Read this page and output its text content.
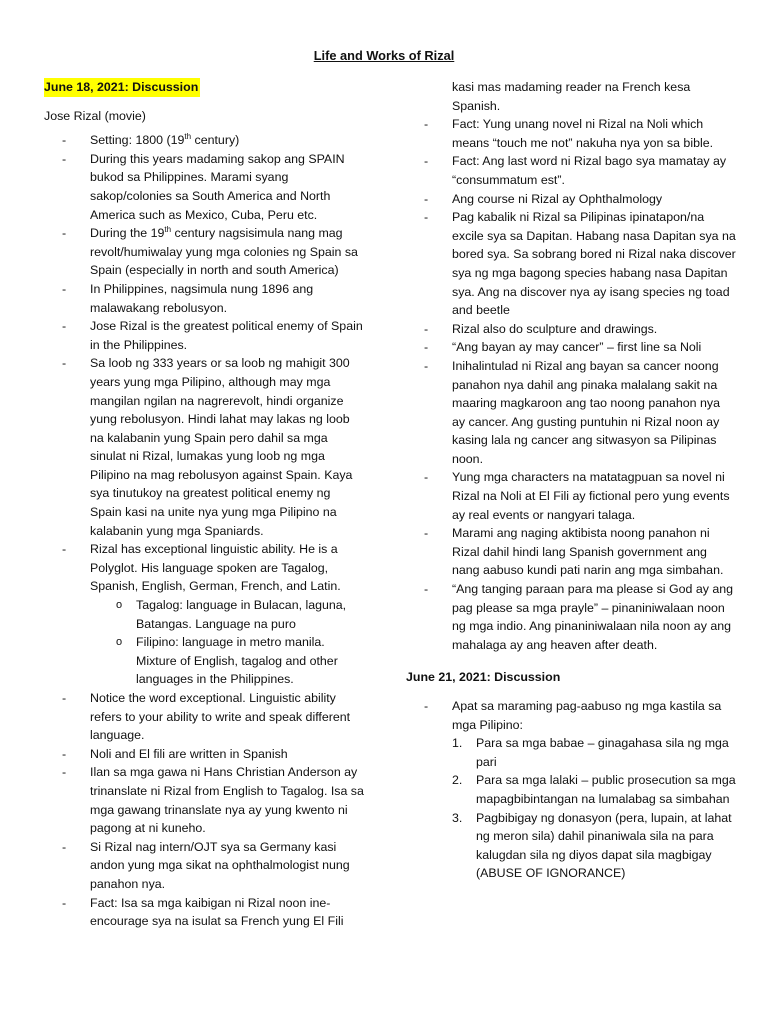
Life and Works of Rizal
June 18, 2021: Discussion

Jose Rizal (movie)

- Setting: 1800 (19th century)
- During this years madaming sakop ang SPAIN bukod sa Philippines. Marami syang sakop/colonies sa South America and North America such as Mexico, Cuba, Peru etc.
- During the 19th century nagsisimula nang mag revolt/humiwalay yung mga colonies ng Spain sa Spain (especially in north and south America)
- In Philippines, nagsimula nung 1896 ang malawakang rebolusyon.
- Jose Rizal is the greatest political enemy of Spain in the Philippines.
- Sa loob ng 333 years or sa loob ng mahigit 300 years yung mga Pilipino, although may mga mangilan ngilan na nagrerevolt, hindi organize yung rebolusyon. Hindi lahat may lakas ng loob na kalabanin yung Spain pero dahil sa mga sinulat ni Rizal, lumakas yung loob ng mga Pilipino na mag rebolusyon against Spain. Kaya sya tinutukoy na greatest political enemy ng Spain kasi na unite nya yung mga Pilipino na kalabanin yung mga Spaniards.
- Rizal has exceptional linguistic ability. He is a Polyglot. His language spoken are Tagalog, Spanish, English, German, French, and Latin.
o Tagalog: language in Bulacan, laguna, Batangas. Language na puro
o Filipino: language in metro manila. Mixture of English, tagalog and other languages in the Philippines.
- Notice the word exceptional. Linguistic ability refers to your ability to write and speak different language.
- Noli and El fili are written in Spanish
- Ilan sa mga gawa ni Hans Christian Anderson ay trinanslate ni Rizal from English to Tagalog. Isa sa mga gawang trinanslate nya ay yung kwento ni pagong at ni kuneho.
- Si Rizal nag intern/OJT sya sa Germany kasi andon yung mga sikat na ophthalmologist nung panahon nya.
- Fact: Isa sa mga kaibigan ni Rizal noon ine-encourage sya na isulat sa French yung El Fili

kasi mas madaming reader na French kesa Spanish.

- Fact: Yung unang novel ni Rizal na Noli which means “touch me not” nakuha nya yon sa bible.
- Fact: Ang last word ni Rizal bago sya mamatay ay “consummatum est”.
- Ang course ni Rizal ay Ophthalmology
- Pag kabalik ni Rizal sa Pilipinas ipinatapon/na excile sya sa Dapitan. Habang nasa Dapitan sya na bored sya. Sa sobrang bored ni Rizal naka discover sya ng mga bagong species habang nasa Dapitan sya. Ang na discover nya ay isang species ng toad and beetle
- Rizal also do sculpture and drawings.
- “Ang bayan ay may cancer” – first line sa Noli
- Inihalintulad ni Rizal ang bayan sa cancer noong panahon nya dahil ang pinaka malalang sakit na maaring magkaroon ang tao noong panahon nya ay cancer. Ang gusting puntuhin ni Rizal noon ay kasing lala ng cancer ang sitwasyon sa Pilipinas noon.
- Yung mga characters na matatagpuan sa novel ni Rizal na Noli at El Fili ay fictional pero yung events ay real events or nangyari talaga.
- Marami ang naging aktibista noong panahon ni Rizal dahil hindi lang Spanish government ang nang aabuso kundi pati narin ang mga simbahan.
- “Ang tanging paraan para ma please si God ay ang pag please sa mga prayle” – pinaniniwalaan noon ng mga indio. Ang pinaniniwalaan nila noon ay ang mahalaga ay ang heaven after death.

June 21, 2021: Discussion

- Apat sa maraming pag-aabuso ng mga kastila sa mga Pilipino:
1. Para sa mga babae – ginagahasa sila ng mga pari
2. Para sa mga lalaki – public prosecution sa mga mapagbibintangan na lumalabag sa simbahan
3. Pagbibigay ng donasyon (pera, lupain, at lahat ng meron sila) dahil pinaniwala sila na para kalugdan sila ng diyos dapat sila magbigay (ABUSE OF IGNORANCE)
